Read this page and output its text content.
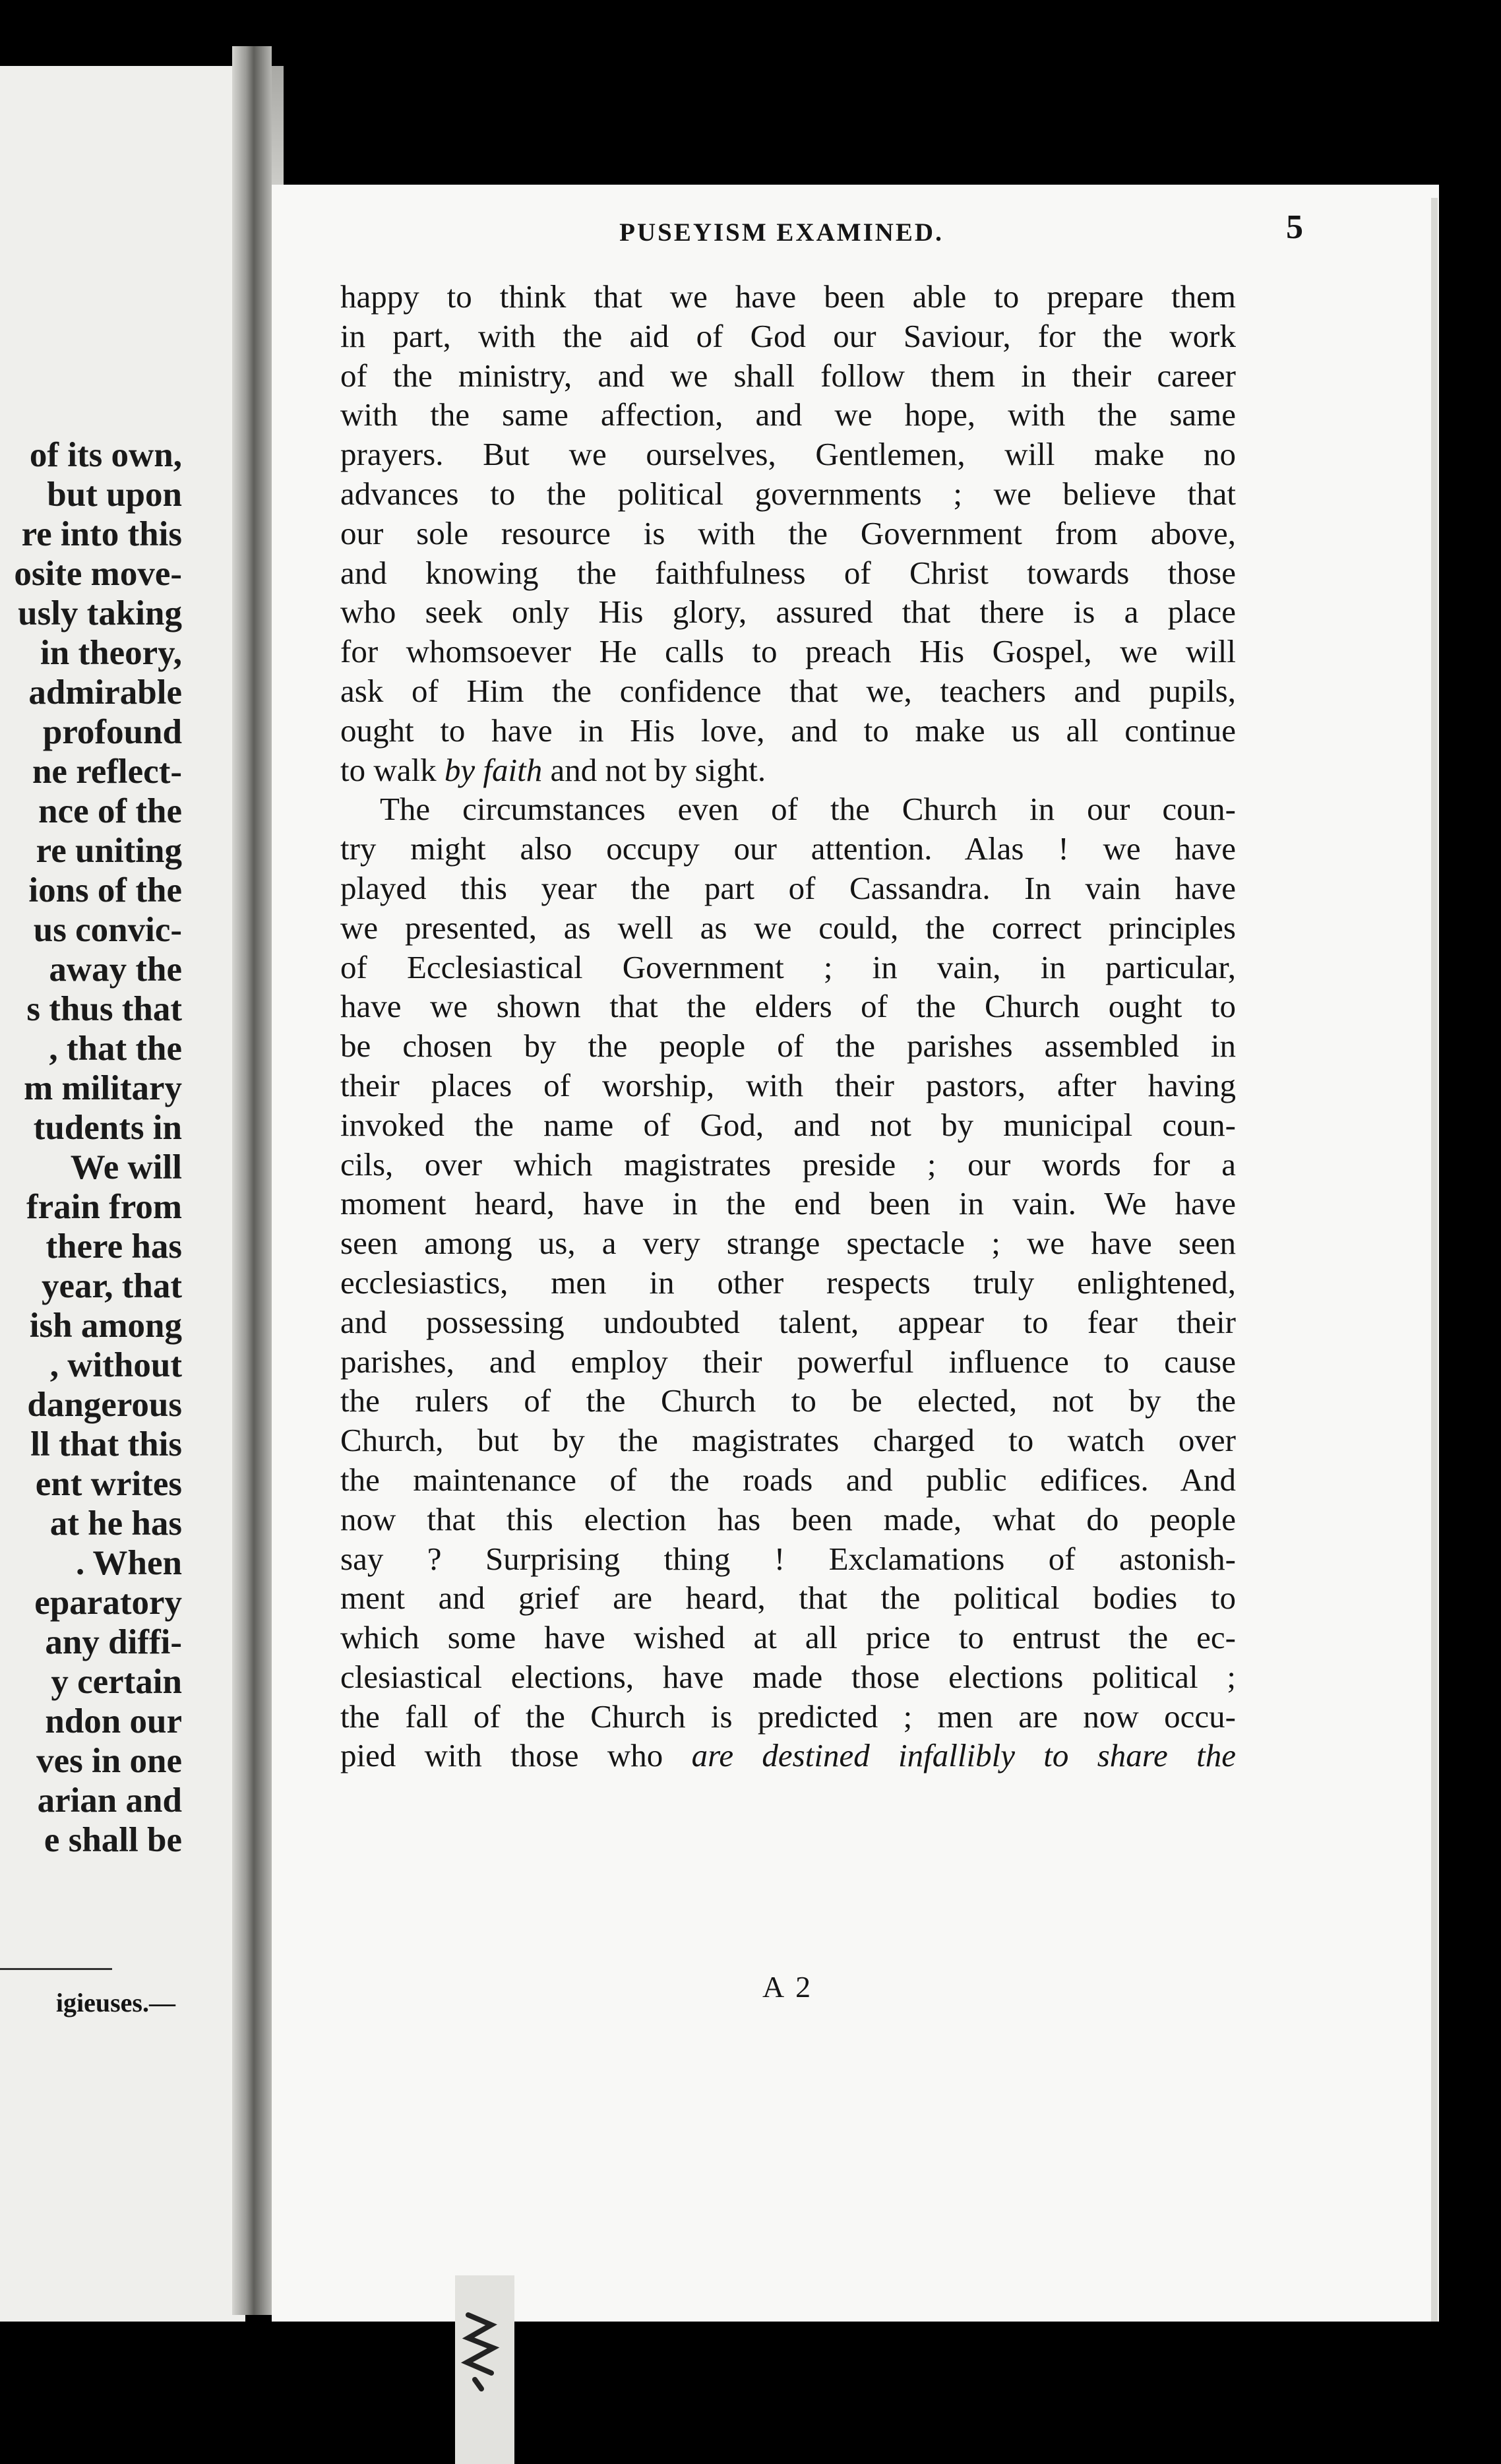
of its own,
but upon
re into this
osite move-
usly taking
in theory,
admirable
profound
ne reflect-
nce of the
re uniting
ions of the
us convic-
away the
s thus that
, that the
m military
tudents in
We will
frain from
there has
year, that
ish among
, without
dangerous
ll that this
ent writes
at he has
. When
eparatory
any diffi-
y certain
ndon our
ves in one
arian and
e shall be
igieuses.—
PUSEYISM EXAMINED.	5
happy to think that we have been able to prepare them
in part, with the aid of God our Saviour, for the work
of the ministry, and we shall follow them in their career
with the same affection, and we hope, with the same
prayers. But we ourselves, Gentlemen, will make no
advances to the political governments ; we believe that
our sole resource is with the Government from above,
and knowing the faithfulness of Christ towards those
who seek only His glory, assured that there is a place
for whomsoever He calls to preach His Gospel, we will
ask of Him the confidence that we, teachers and pupils,
ought to have in His love, and to make us all continue
to walk by faith and not by sight.
The circumstances even of the Church in our coun-
try might also occupy our attention. Alas ! we have
played this year the part of Cassandra. In vain have
we presented, as well as we could, the correct principles
of Ecclesiastical Government ; in vain, in particular,
have we shown that the elders of the Church ought to
be chosen by the people of the parishes assembled in
their places of worship, with their pastors, after having
invoked the name of God, and not by municipal coun-
cils, over which magistrates preside ; our words for a
moment heard, have in the end been in vain. We have
seen among us, a very strange spectacle ; we have seen
ecclesiastics, men in other respects truly enlightened,
and possessing undoubted talent, appear to fear their
parishes, and employ their powerful influence to cause
the rulers of the Church to be elected, not by the
Church, but by the magistrates charged to watch over
the maintenance of the roads and public edifices. And
now that this election has been made, what do people
say ? Surprising thing ! Exclamations of astonish-
ment and grief are heard, that the political bodies to
which some have wished at all price to entrust the ec-
clesiastical elections, have made those elections political ;
the fall of the Church is predicted ; men are now occu-
pied with those who are destined infallibly to share the
A 2
